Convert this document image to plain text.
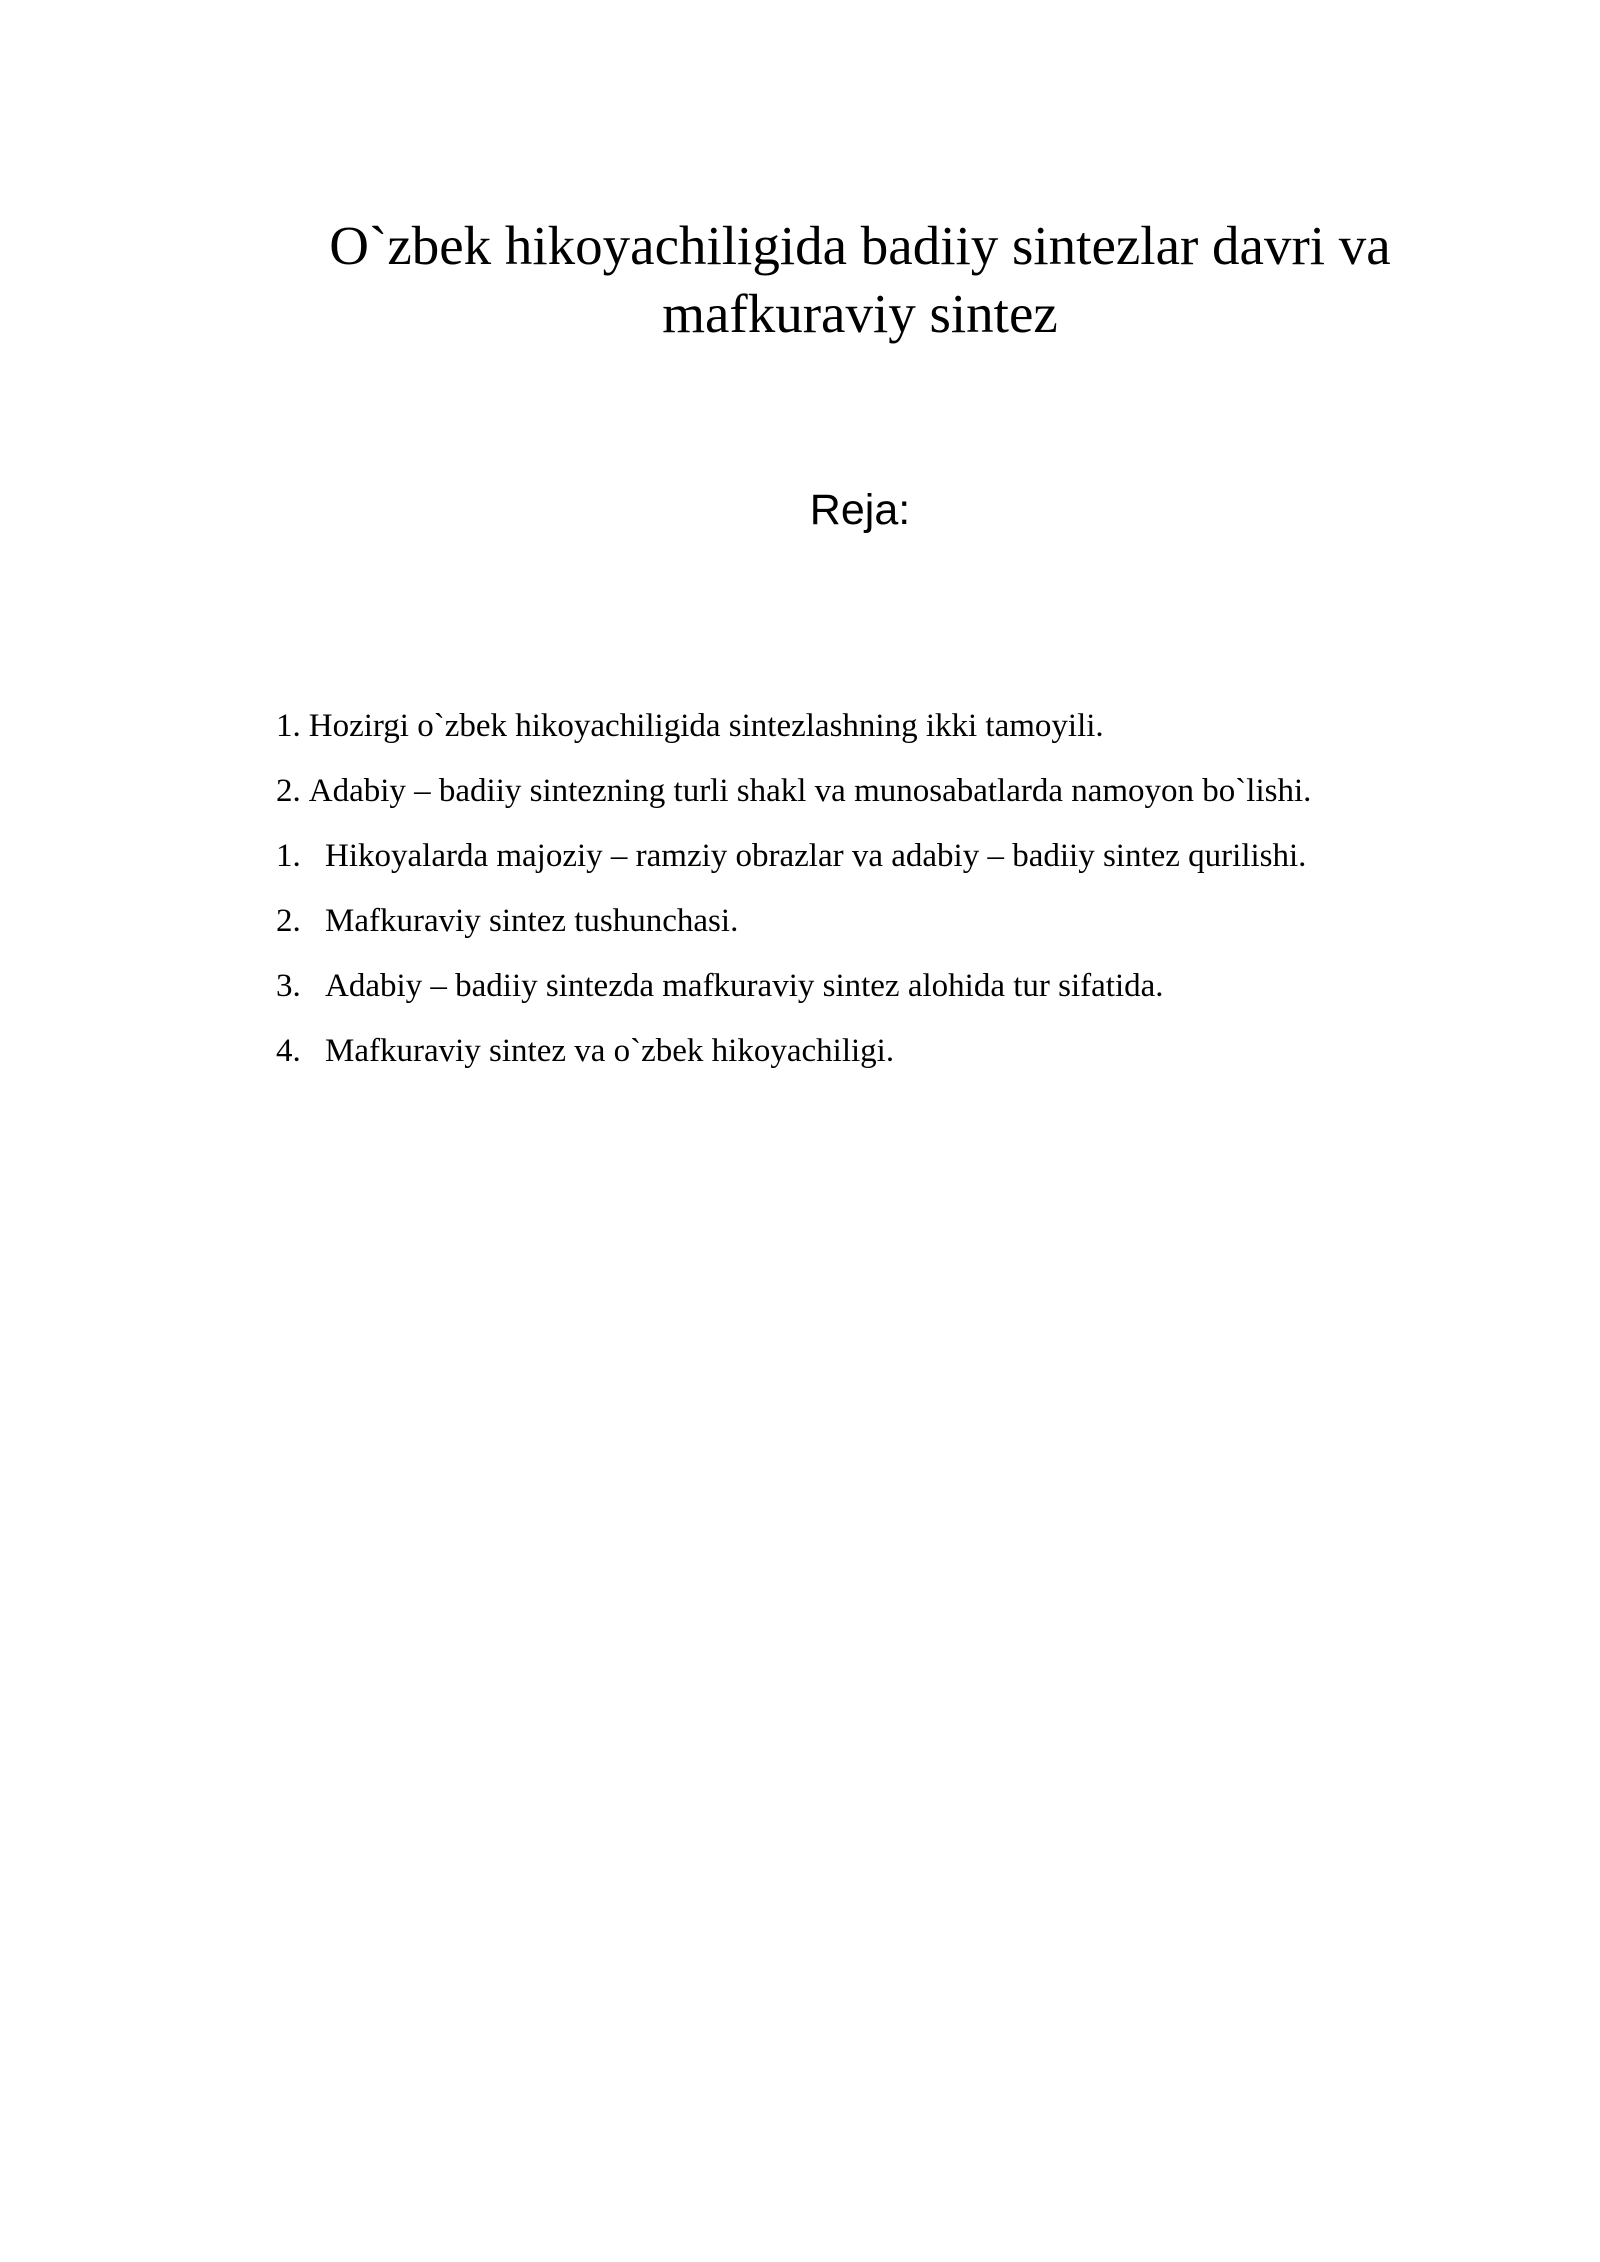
O`zbek hikoyachiligida badiiy sintezlar davri va
mafkuraviy sintez
Reja:
1. Hozirgi o`zbek hikoyachiligida sintezlashning ikki tamoyili.
2. Adabiy – badiiy sintezning turli shakl va munosabatlarda namoyon bo`lishi.
1. Hikoyalarda majoziy – ramziy obrazlar va adabiy – badiiy sintez qurilishi.
2. Mafkuraviy sintez tushunchasi.
3. Adabiy – badiiy sintezda mafkuraviy sintez alohida tur sifatida.
4. Mafkuraviy sintez va o`zbek hikoyachiligi.
